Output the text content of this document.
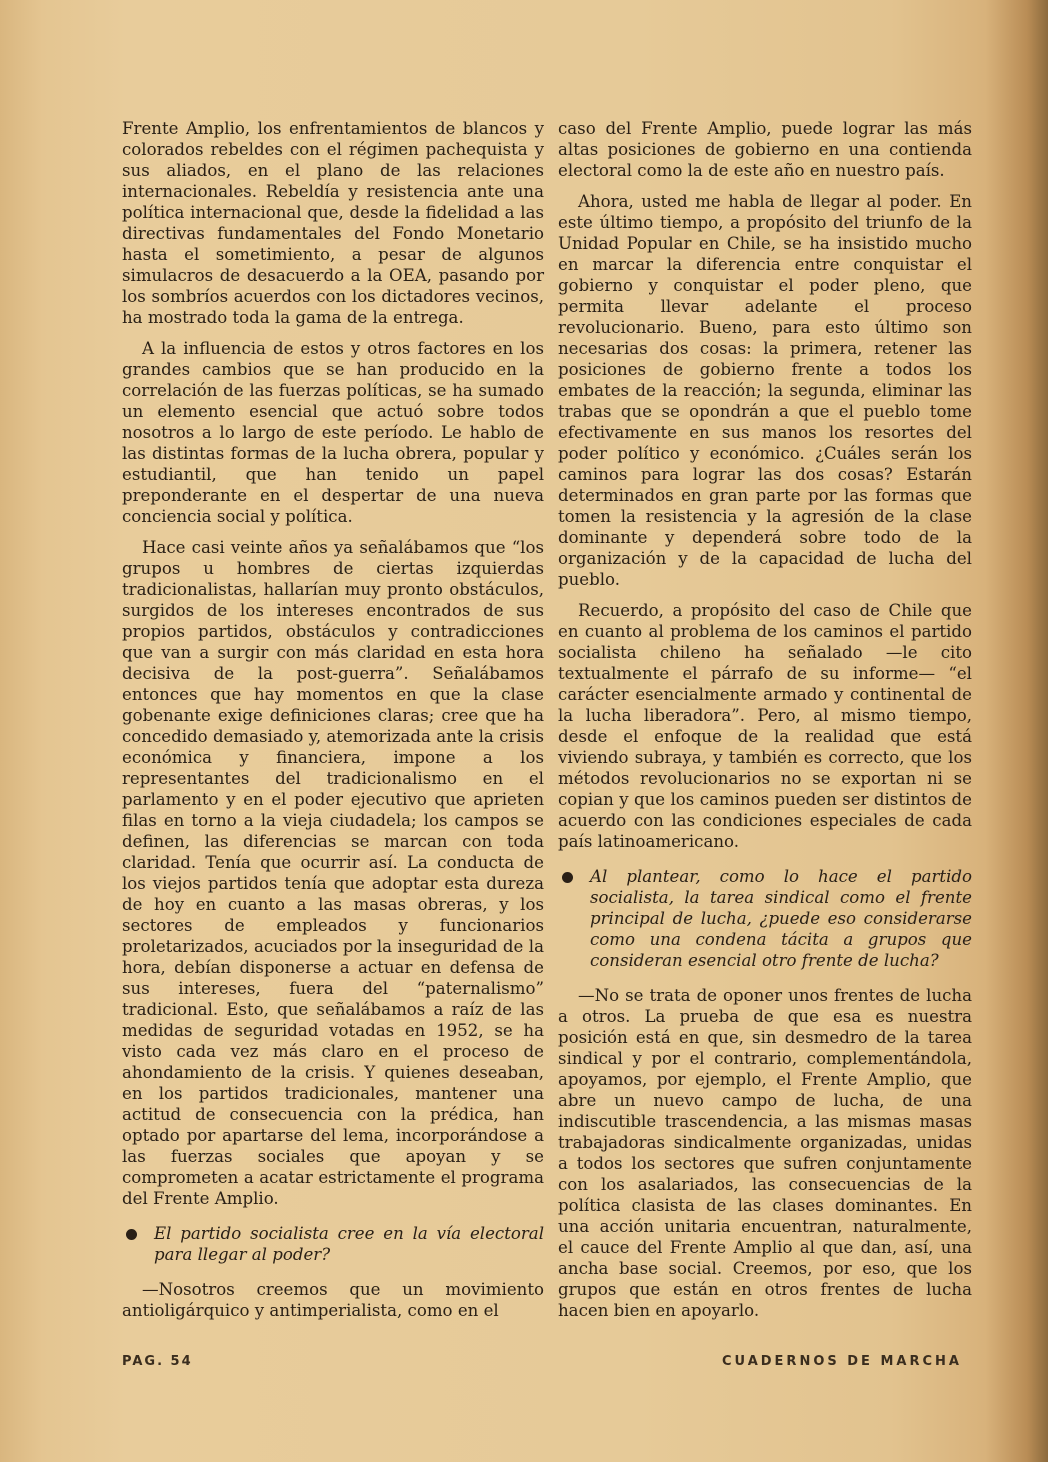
Frente Amplio, los enfrentamientos de blancos y colorados rebeldes con el régimen pachequista y sus aliados, en el plano de las relaciones internacionales. Rebeldía y resistencia ante una política internacional que, desde la fidelidad a las directivas fundamentales del Fondo Monetario hasta el sometimiento, a pesar de algunos simulacros de desacuerdo a la OEA, pasando por los sombríos acuerdos con los dictadores vecinos, ha mostrado toda la gama de la entrega.

A la influencia de estos y otros factores en los grandes cambios que se han producido en la correlación de las fuerzas políticas, se ha sumado un elemento esencial que actuó sobre todos nosotros a lo largo de este período. Le hablo de las distintas formas de la lucha obrera, popular y estudiantil, que han tenido un papel preponderante en el despertar de una nueva conciencia social y política.

Hace casi veinte años ya señalábamos que “los grupos u hombres de ciertas izquierdas tradicionalistas, hallarían muy pronto obstáculos, surgidos de los intereses encontrados de sus propios partidos, obstáculos y contradicciones que van a surgir con más claridad en esta hora decisiva de la post-guerra”. Señalábamos entonces que hay momentos en que la clase gobenante exige definiciones claras; cree que ha concedido demasiado y, atemorizada ante la crisis económica y financiera, impone a los representantes del tradicionalismo en el parlamento y en el poder ejecutivo que aprieten filas en torno a la vieja ciudadela; los campos se definen, las diferencias se marcan con toda claridad. Tenía que ocurrir así. La conducta de los viejos partidos tenía que adoptar esta dureza de hoy en cuanto a las masas obreras, y los sectores de empleados y funcionarios proletarizados, acuciados por la inseguridad de la hora, debían disponerse a actuar en defensa de sus intereses, fuera del “paternalismo” tradicional. Esto, que señalábamos a raíz de las medidas de seguridad votadas en 1952, se ha visto cada vez más claro en el proceso de ahondamiento de la crisis. Y quienes deseaban, en los partidos tradicionales, mantener una actitud de consecuencia con la prédica, han optado por apartarse del lema, incorporándose a las fuerzas sociales que apoyan y se comprometen a acatar estrictamente el programa del Frente Amplio.

El partido socialista cree en la vía electoral para llegar al poder?

—Nosotros creemos que un movimiento antioligárquico y antimperialista, como en el

caso del Frente Amplio, puede lograr las más altas posiciones de gobierno en una contienda electoral como la de este año en nuestro país.

Ahora, usted me habla de llegar al poder. En este último tiempo, a propósito del triunfo de la Unidad Popular en Chile, se ha insistido mucho en marcar la diferencia entre conquistar el gobierno y conquistar el poder pleno, que permita llevar adelante el proceso revolucionario. Bueno, para esto último son necesarias dos cosas: la primera, retener las posiciones de gobierno frente a todos los embates de la reacción; la segunda, eliminar las trabas que se opondrán a que el pueblo tome efectivamente en sus manos los resortes del poder político y económico. ¿Cuáles serán los caminos para lograr las dos cosas? Estarán determinados en gran parte por las formas que tomen la resistencia y la agresión de la clase dominante y dependerá sobre todo de la organización y de la capacidad de lucha del pueblo.

Recuerdo, a propósito del caso de Chile que en cuanto al problema de los caminos el partido socialista chileno ha señalado —le cito textualmente el párrafo de su informe— “el carácter esencialmente armado y continental de la lucha liberadora”. Pero, al mismo tiempo, desde el enfoque de la realidad que está viviendo subraya, y también es correcto, que los métodos revolucionarios no se exportan ni se copian y que los caminos pueden ser distintos de acuerdo con las condiciones especiales de cada país latinoamericano.

Al plantear, como lo hace el partido socialista, la tarea sindical como el frente principal de lucha, ¿puede eso considerarse como una condena tácita a grupos que consideran esencial otro frente de lucha?

—No se trata de oponer unos frentes de lucha a otros. La prueba de que esa es nuestra posición está en que, sin desmedro de la tarea sindical y por el contrario, complementándola, apoyamos, por ejemplo, el Frente Amplio, que abre un nuevo campo de lucha, de una indiscutible trascendencia, a las mismas masas trabajadoras sindicalmente organizadas, unidas a todos los sectores que sufren conjuntamente con los asalariados, las consecuencias de la política clasista de las clases dominantes. En una acción unitaria encuentran, naturalmente, el cauce del Frente Amplio al que dan, así, una ancha base social. Creemos, por eso, que los grupos que están en otros frentes de lucha hacen bien en apoyarlo.

PAG. 54	CUADERNOS DE MARCHA
